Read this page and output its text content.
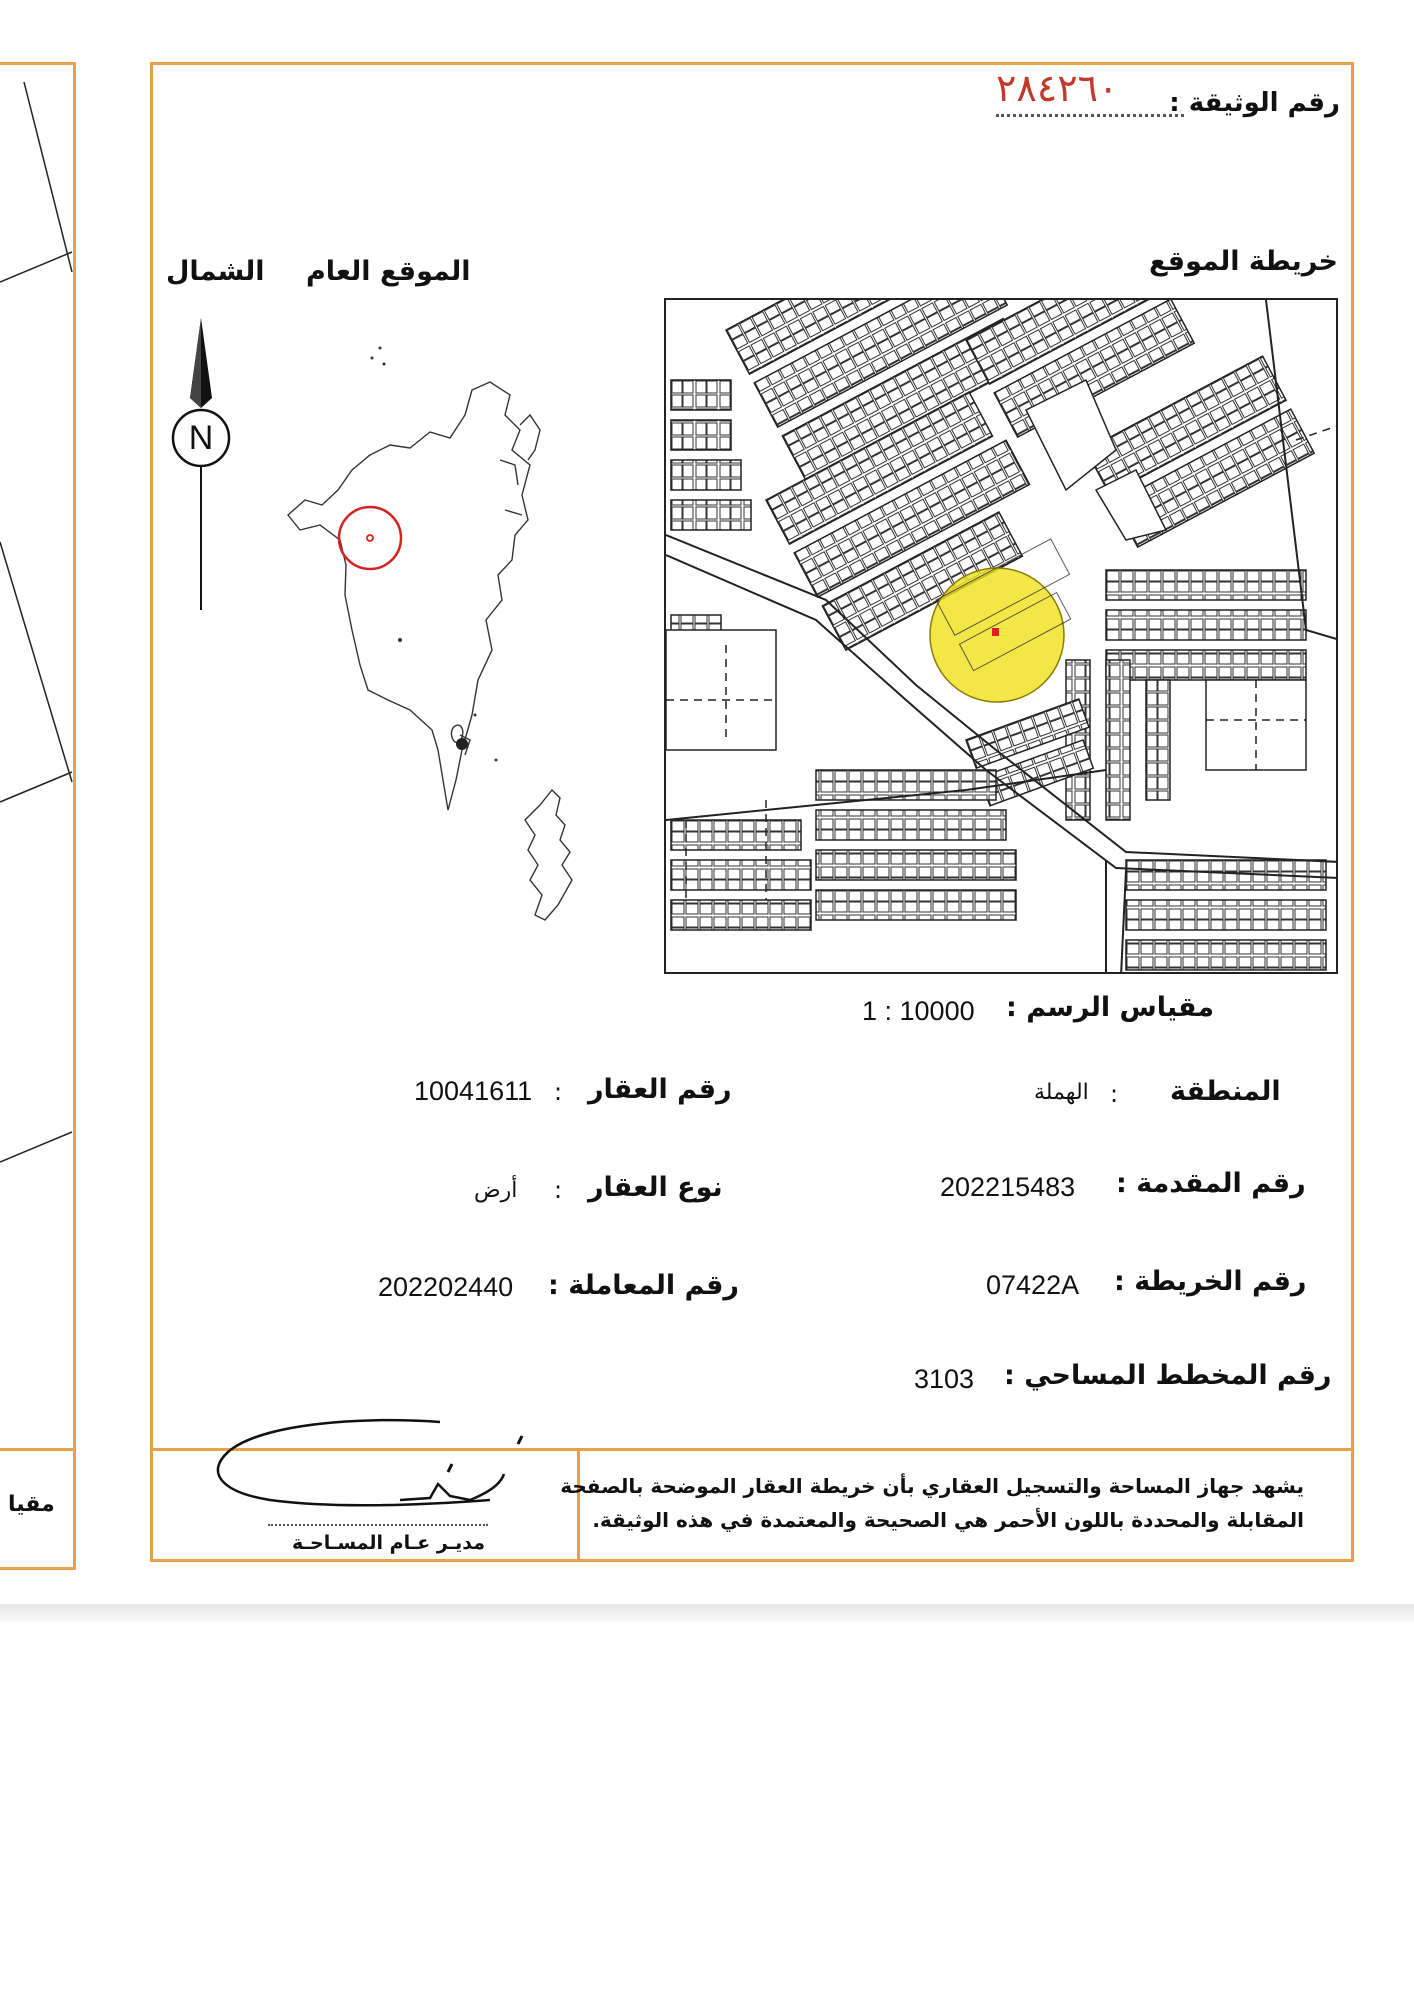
مقيا
رقم الوثيقة :
٢٨٤٢٦٠
خريطة الموقع
الموقع العام
الشمال
N
مقياس الرسم :
1 : 10000
المنطقة
:
الهملة
رقم المقدمة :
202215483
رقم الخريطة :
07422A
رقم المخطط المساحي :
3103
رقم العقار
:
10041611
نوع العقار
:
أرض
رقم المعاملة :
202202440
يشهد جهاز المساحة والتسجيل العقاري بأن خريطة العقار الموضحة بالصفحة
المقابلة والمحددة باللون الأحمر هي الصحيحة والمعتمدة في هذه الوثيقة.
مديـر عـام المسـاحـة
